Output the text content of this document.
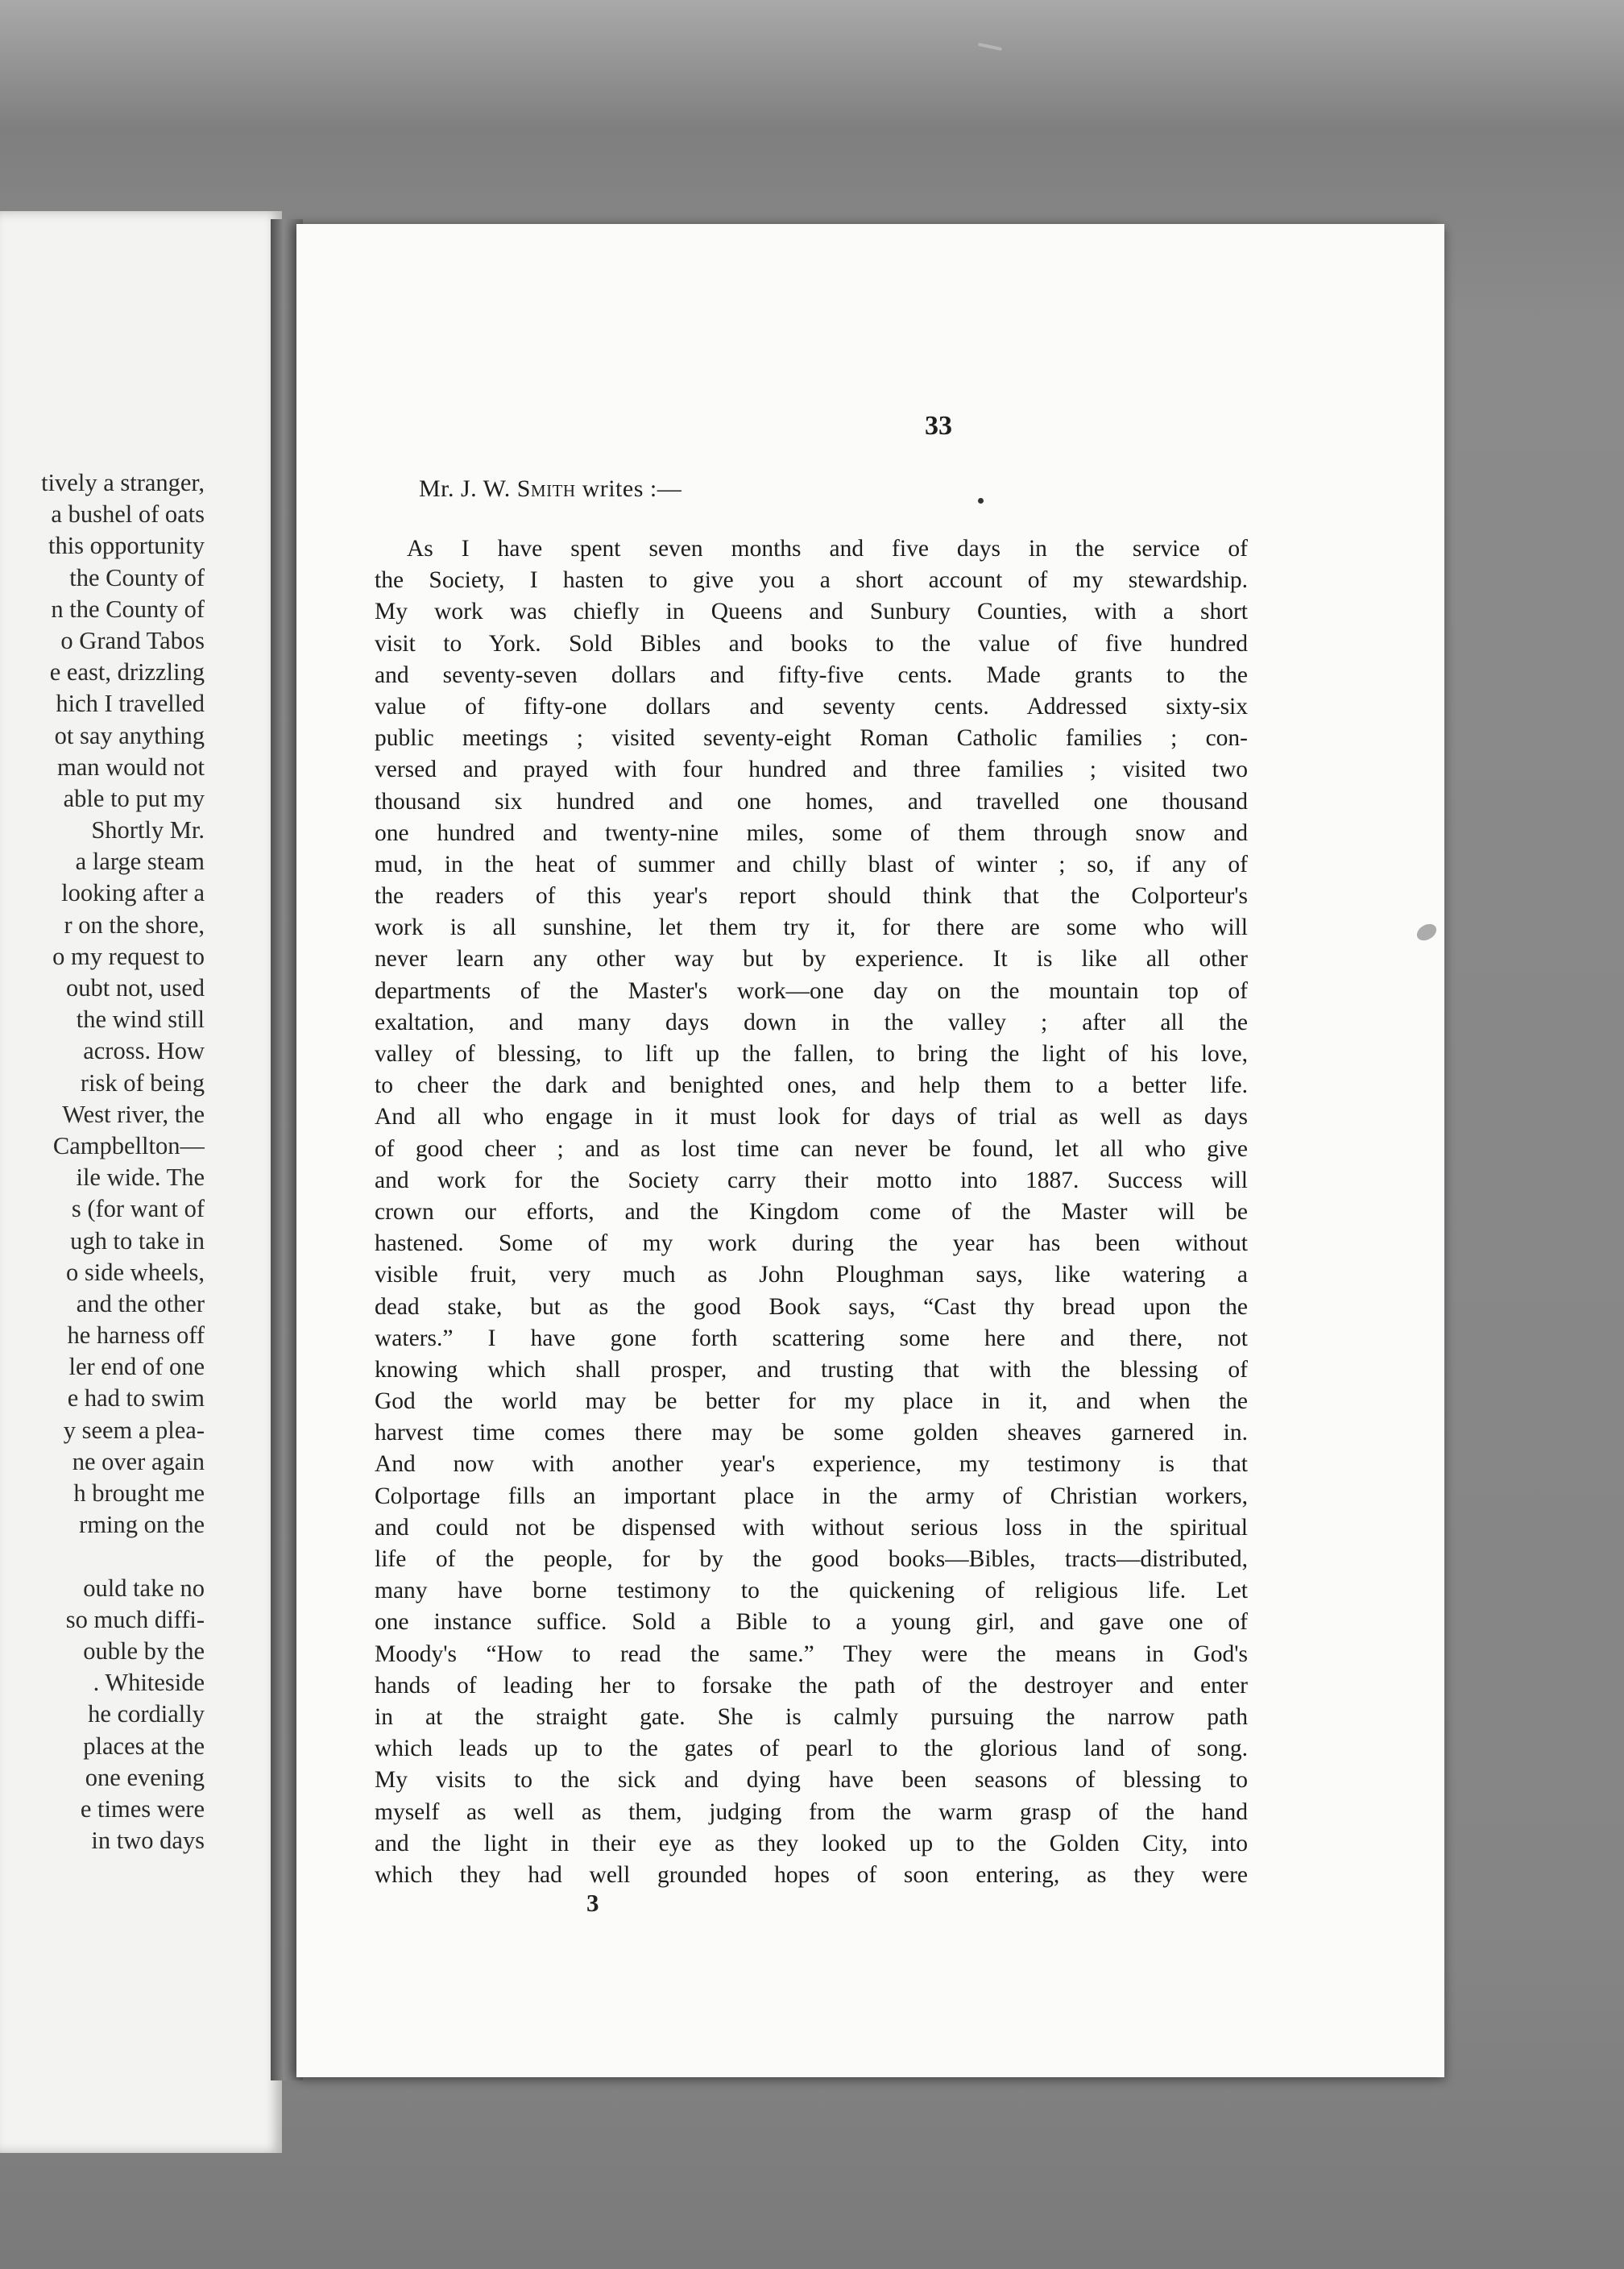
tively a stranger,
a bushel of oats
this opportunity
the County of
n the County of
o Grand Tabos
e east, drizzling
hich I travelled
ot say anything
man would not
able to put my
Shortly Mr.
a large steam
looking after a
r on the shore,
o my request to
oubt not, used
the wind still
across. How
risk of being
West river, the
Campbellton—
ile wide. The
s (for want of
ugh to take in
o side wheels,
and the other
he harness off
ler end of one
e had to swim
y seem a plea-
ne over again
h brought me
rming on the
ould take no
so much diffi-
ouble by the
. Whiteside
he cordially
places at the
one evening
e times were
in two days
33
Mr. J. W. Smith writes :—
As I have spent seven months and five days in the service of
the Society, I hasten to give you a short account of my stewardship.
My work was chiefly in Queens and Sunbury Counties, with a short
visit to York. Sold Bibles and books to the value of five hundred
and seventy-seven dollars and fifty-five cents. Made grants to the
value of fifty-one dollars and seventy cents. Addressed sixty-six
public meetings ; visited seventy-eight Roman Catholic families ; con-
versed and prayed with four hundred and three families ; visited two
thousand six hundred and one homes, and travelled one thousand
one hundred and twenty-nine miles, some of them through snow and
mud, in the heat of summer and chilly blast of winter ; so, if any of
the readers of this year's report should think that the Colporteur's
work is all sunshine, let them try it, for there are some who will
never learn any other way but by experience. It is like all other
departments of the Master's work—one day on the mountain top of
exaltation, and many days down in the valley ; after all the
valley of blessing, to lift up the fallen, to bring the light of his love,
to cheer the dark and benighted ones, and help them to a better life.
And all who engage in it must look for days of trial as well as days
of good cheer ; and as lost time can never be found, let all who give
and work for the Society carry their motto into 1887. Success will
crown our efforts, and the Kingdom come of the Master will be
hastened. Some of my work during the year has been without
visible fruit, very much as John Ploughman says, like watering a
dead stake, but as the good Book says, “Cast thy bread upon the
waters.” I have gone forth scattering some here and there, not
knowing which shall prosper, and trusting that with the blessing of
God the world may be better for my place in it, and when the
harvest time comes there may be some golden sheaves garnered in.
And now with another year's experience, my testimony is that
Colportage fills an important place in the army of Christian workers,
and could not be dispensed with without serious loss in the spiritual
life of the people, for by the good books—Bibles, tracts—distributed,
many have borne testimony to the quickening of religious life. Let
one instance suffice. Sold a Bible to a young girl, and gave one of
Moody's “How to read the same.” They were the means in God's
hands of leading her to forsake the path of the destroyer and enter
in at the straight gate. She is calmly pursuing the narrow path
which leads up to the gates of pearl to the glorious land of song.
My visits to the sick and dying have been seasons of blessing to
myself as well as them, judging from the warm grasp of the hand
and the light in their eye as they looked up to the Golden City, into
which they had well grounded hopes of soon entering, as they were
3
